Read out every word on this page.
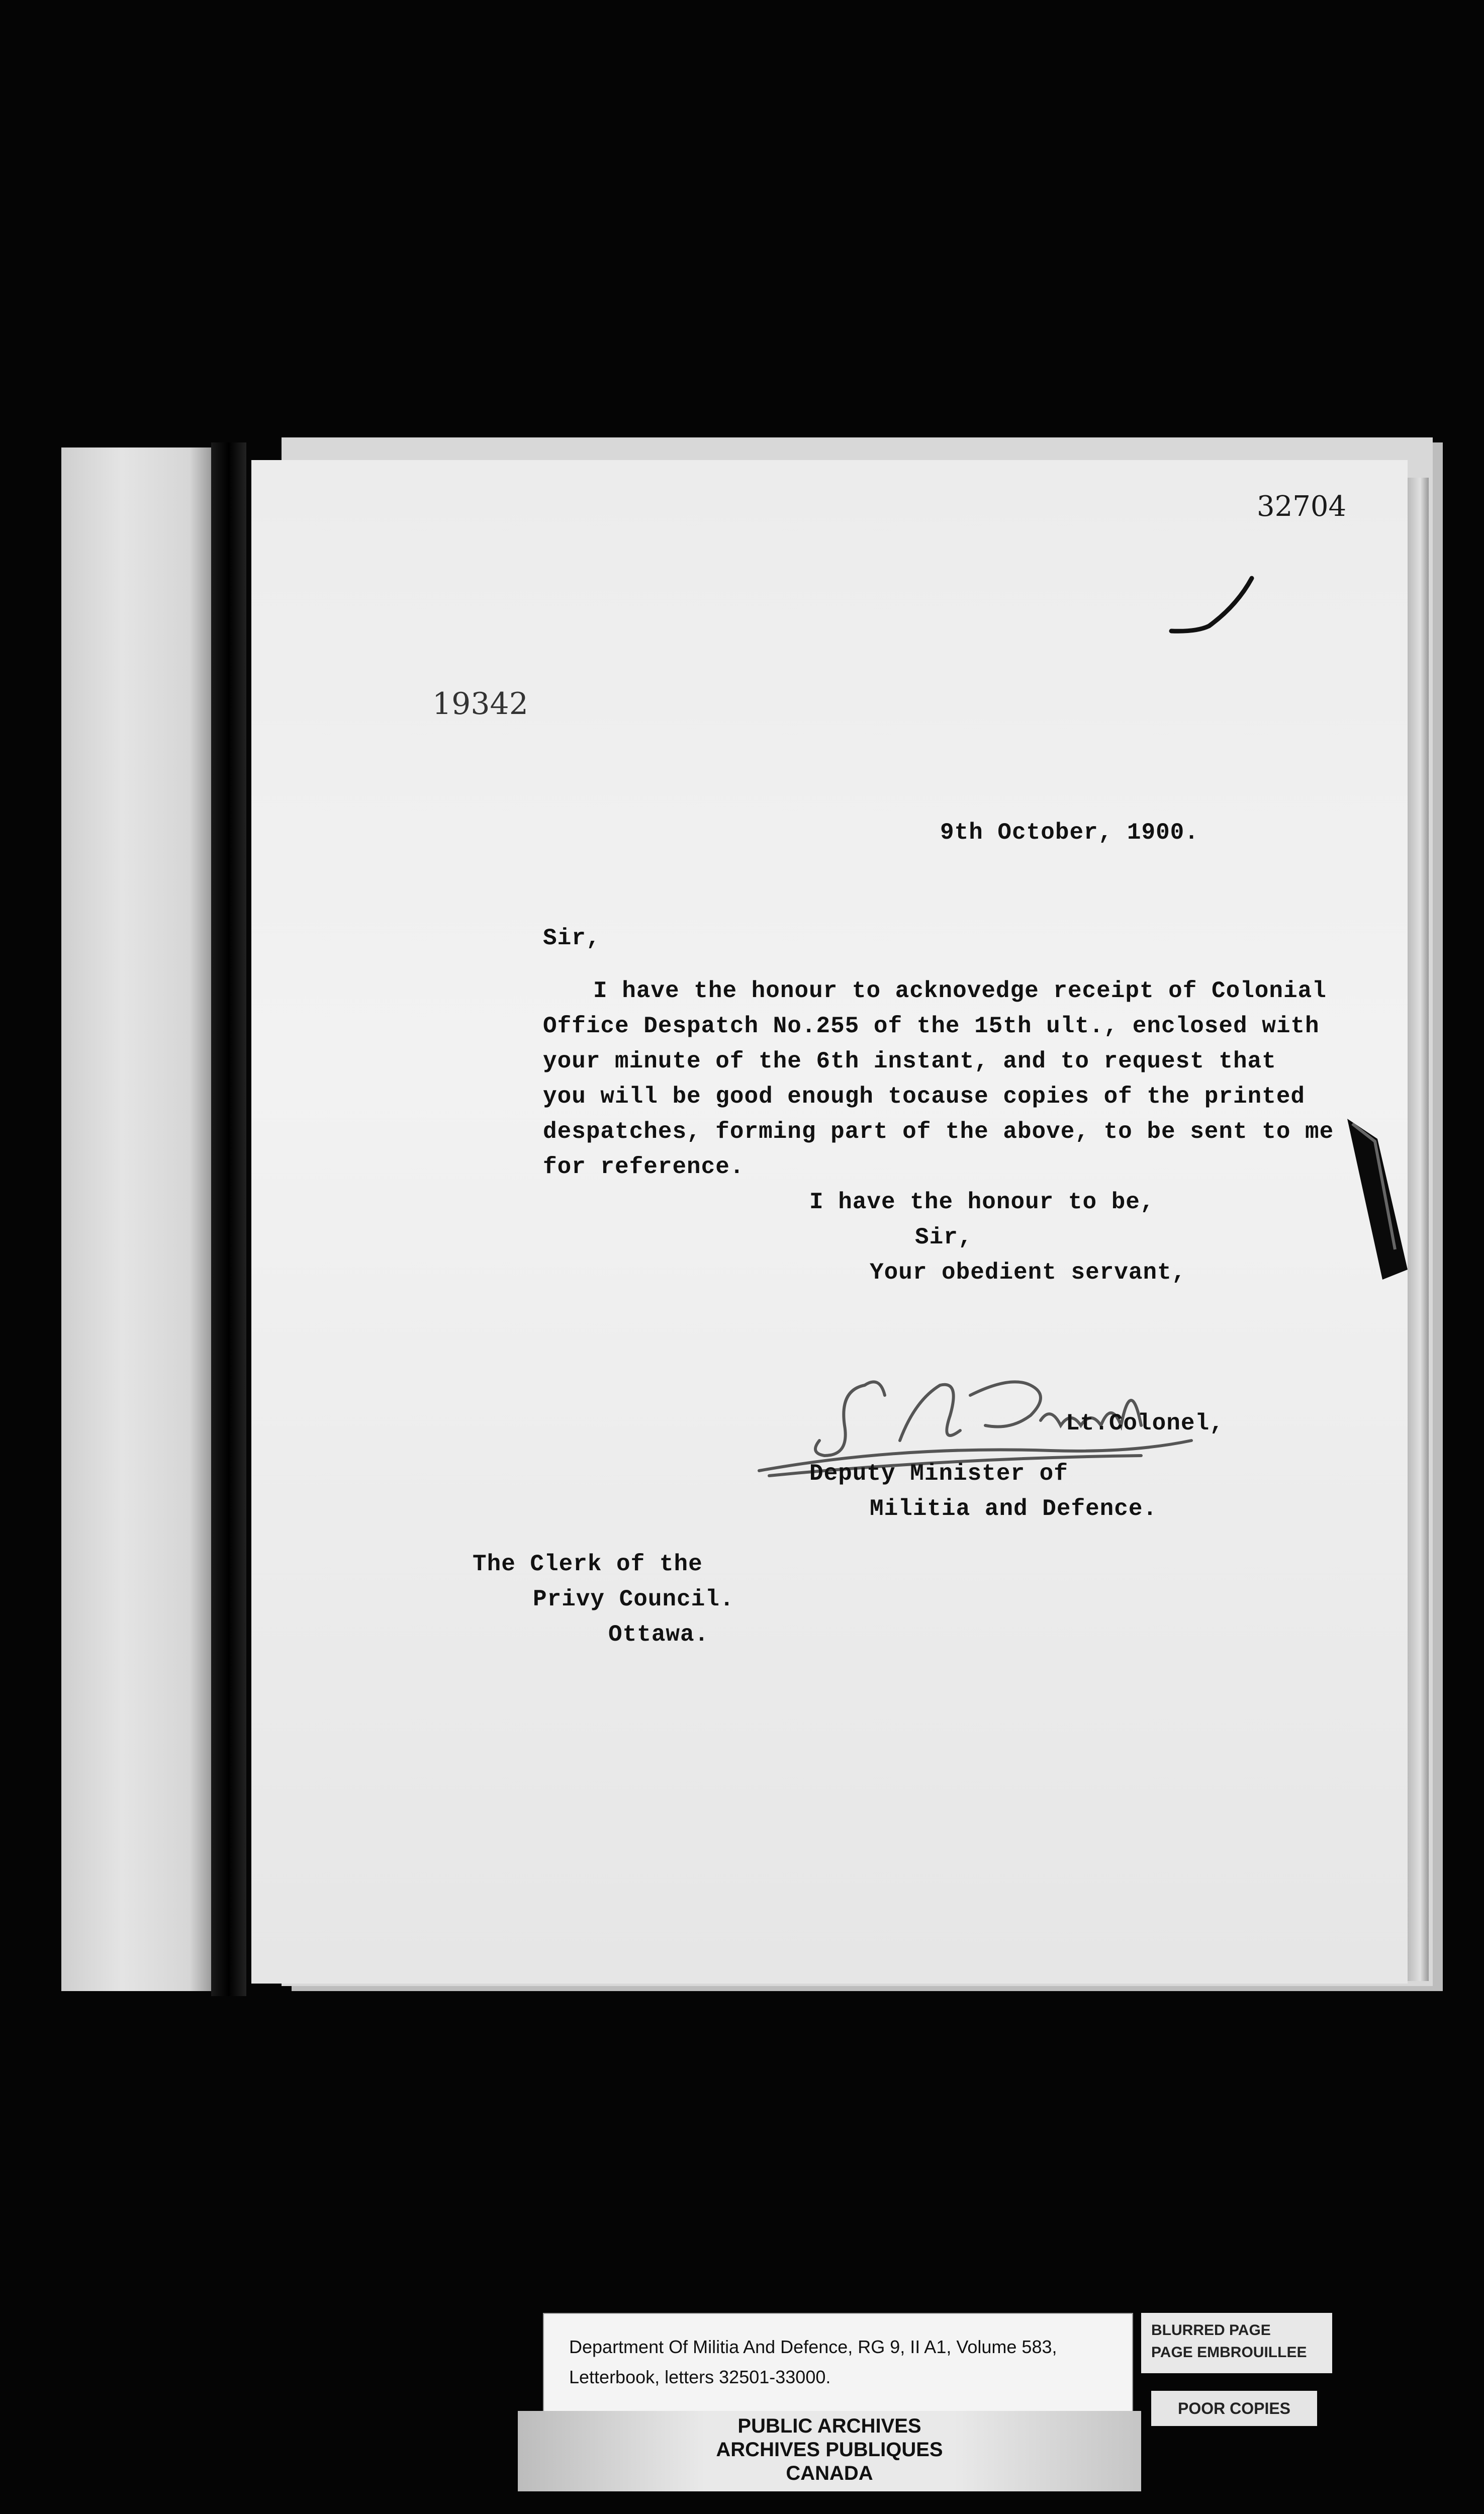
32704
19342
9th October, 1900.
Sir,
I have the honour to acknovedge receipt of Colonial
Office Despatch No.255 of the 15th ult., enclosed with
your minute of the 6th instant, and to request that
you will be good enough tocause copies of the printed
despatches, forming part of the above, to be sent to me
for reference.
I have the honour to be,
Sir,
Your obedient servant,
Lt.Colonel,
Deputy Minister of
Militia and Defence.
The Clerk of the
Privy Council.
Ottawa.
Department Of Militia And Defence, RG 9, II A1, Volume 583,
Letterbook, letters 32501-33000.
BLURRED PAGE
PAGE EMBROUILLEE
POOR COPIES
PUBLIC ARCHIVES
ARCHIVES PUBLIQUES
CANADA
